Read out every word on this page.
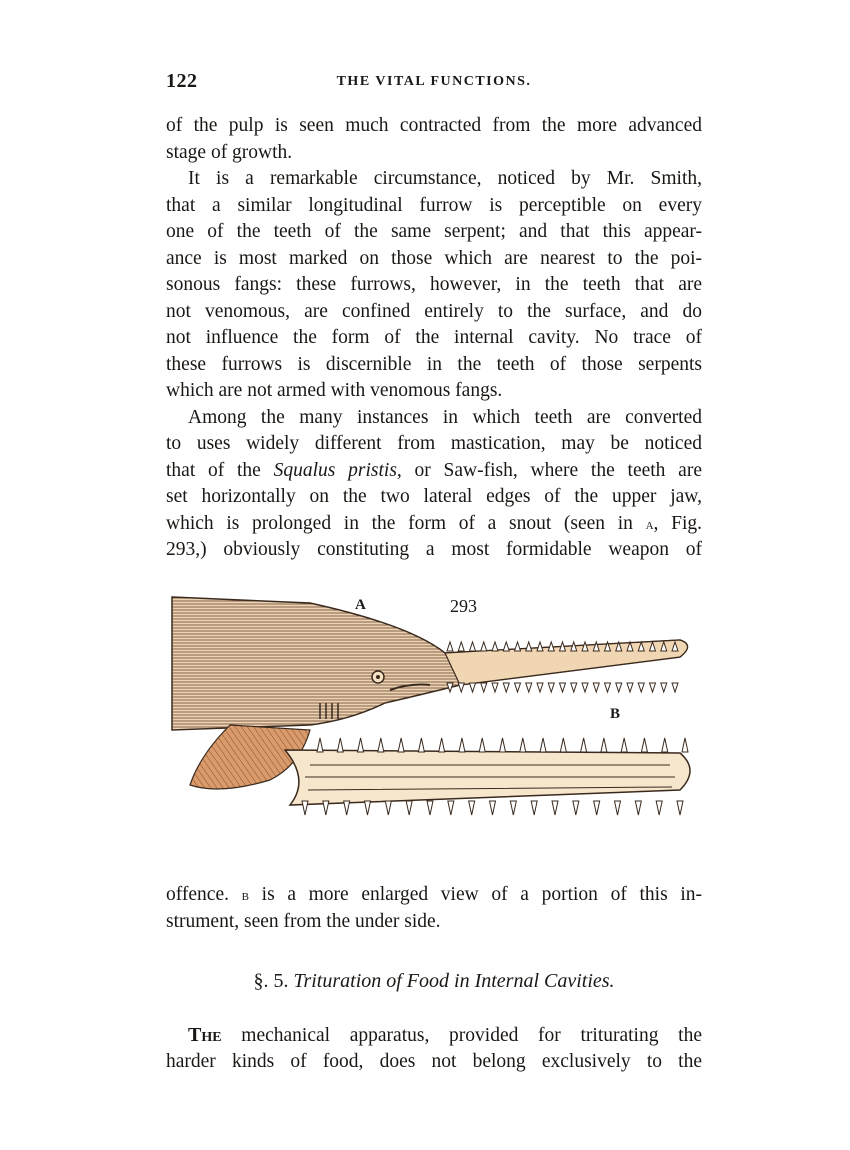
122	THE VITAL FUNCTIONS.
of the pulp is seen much contracted from the more advanced
stage of growth.
It is a remarkable circumstance, noticed by Mr. Smith,
that a similar longitudinal furrow is perceptible on every
one of the teeth of the same serpent; and that this appear-
ance is most marked on those which are nearest to the poi-
sonous fangs: these furrows, however, in the teeth that are
not venomous, are confined entirely to the surface, and do
not influence the form of the internal cavity. No trace of
these furrows is discernible in the teeth of those serpents
which are not armed with venomous fangs.
Among the many instances in which teeth are converted
to uses widely different from mastication, may be noticed
that of the Squalus pristis, or Saw-fish, where the teeth are
set horizontally on the two lateral edges of the upper jaw,
which is prolonged in the form of a snout (seen in a, Fig.
293,) obviously constituting a most formidable weapon of
A	293
B
offence. b is a more enlarged view of a portion of this in-
strument, seen from the under side.
§. 5. Trituration of Food in Internal Cavities.
The mechanical apparatus, provided for triturating the
harder kinds of food, does not belong exclusively to the
